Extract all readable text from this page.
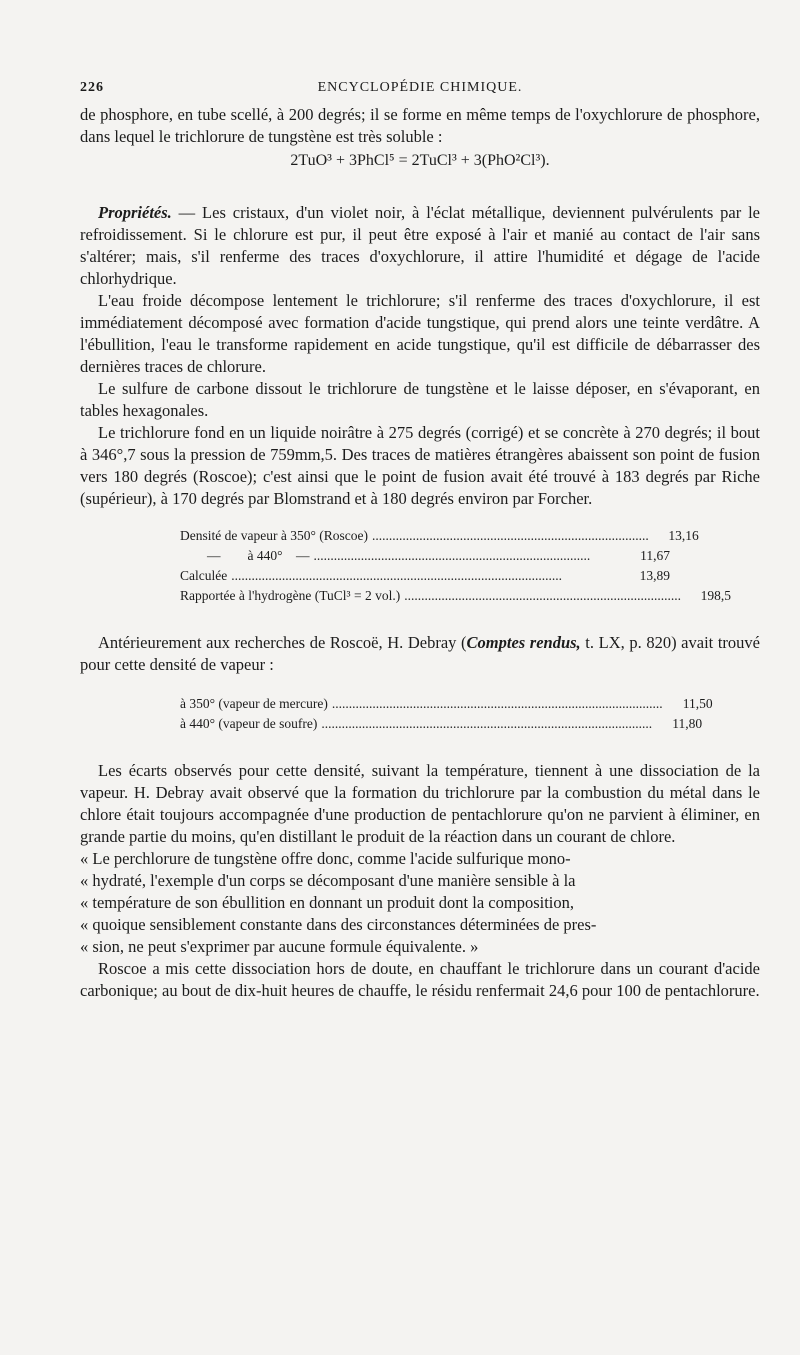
226	ENCYCLOPÉDIE CHIMIQUE.

de phosphore, en tube scellé, à 200 degrés; il se forme en même temps de l'oxychlorure de phosphore, dans lequel le trichlorure de tungstène est très soluble :

2TuO³ + 3PhCl⁵ = 2TuCl³ + 3(PhO²Cl³).

Propriétés. — Les cristaux, d'un violet noir, à l'éclat métallique, deviennent pulvérulents par le refroidissement. Si le chlorure est pur, il peut être exposé à l'air et manié au contact de l'air sans s'altérer; mais, s'il renferme des traces d'oxychlorure, il attire l'humidité et dégage de l'acide chlorhydrique.

L'eau froide décompose lentement le trichlorure; s'il renferme des traces d'oxychlorure, il est immédiatement décomposé avec formation d'acide tungstique, qui prend alors une teinte verdâtre. A l'ébullition, l'eau le transforme rapidement en acide tungstique, qu'il est difficile de débarrasser des dernières traces de chlorure.

Le sulfure de carbone dissout le trichlorure de tungstène et le laisse déposer, en s'évaporant, en tables hexagonales.

Le trichlorure fond en un liquide noirâtre à 275 degrés (corrigé) et se concrète à 270 degrés; il bout à 346°,7 sous la pression de 759mm,5. Des traces de matières étrangères abaissent son point de fusion vers 180 degrés (Roscoe); c'est ainsi que le point de fusion avait été trouvé à 183 degrés par Riche (supérieur), à 170 degrés par Blomstrand et à 180 degrés environ par Forcher.

Densité de vapeur à 350° (Roscoe) ..................................................................................	13,16
—        à 440°    — ..................................................................................	11,67
Calculée ..................................................................................................	13,89
Rapportée à l'hydrogène (TuCl³ = 2 vol.) ..................................................................................	198,5

Antérieurement aux recherches de Roscoë, H. Debray (Comptes rendus, t. LX, p. 820) avait trouvé pour cette densité de vapeur :

à 350° (vapeur de mercure) ..................................................................................................	11,50
à 440° (vapeur de soufre) ..................................................................................................	11,80

Les écarts observés pour cette densité, suivant la température, tiennent à une dissociation de la vapeur. H. Debray avait observé que la formation du trichlorure par la combustion du métal dans le chlore était toujours accompagnée d'une production de pentachlorure qu'on ne parvient à éliminer, en grande partie du moins, qu'en distillant le produit de la réaction dans un courant de chlore.

« Le perchlorure de tungstène offre donc, comme l'acide sulfurique mono-

« hydraté, l'exemple d'un corps se décomposant d'une manière sensible à la

« température de son ébullition en donnant un produit dont la composition,

« quoique sensiblement constante dans des circonstances déterminées de pres-

« sion, ne peut s'exprimer par aucune formule équivalente. »

Roscoe a mis cette dissociation hors de doute, en chauffant le trichlorure dans un courant d'acide carbonique; au bout de dix-huit heures de chauffe, le résidu renfermait 24,6 pour 100 de pentachlorure.
